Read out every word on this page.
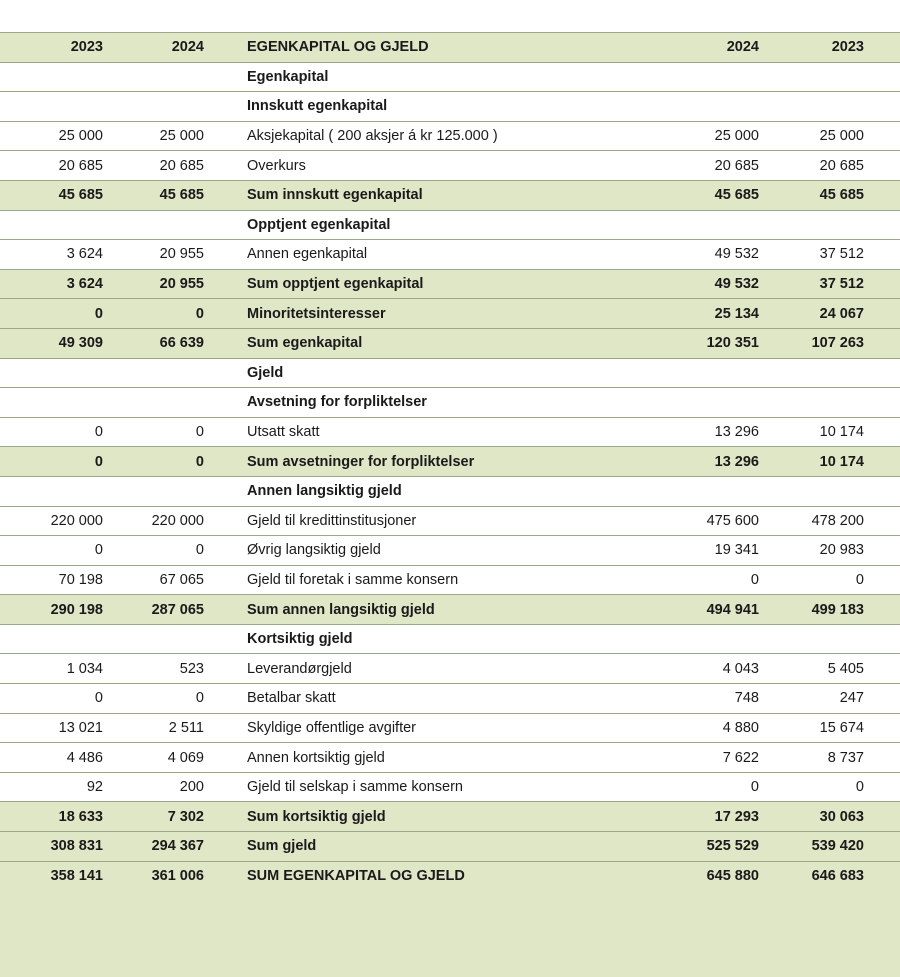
2023	2024		EGENKAPITAL OG GJELD	2024	2023	
			Egenkapital			
			Innskutt egenkapital			
25 000	25 000		Aksjekapital ( 200 aksjer á kr 125.000 )	25 000	25 000	
20 685	20 685		Overkurs	20 685	20 685	
45 685	45 685		Sum innskutt egenkapital	45 685	45 685	
			Opptjent egenkapital			
3 624	20 955		Annen egenkapital	49 532	37 512	
3 624	20 955		Sum opptjent egenkapital	49 532	37 512	
0	0		Minoritetsinteresser	25 134	24 067	
49 309	66 639		Sum egenkapital	120 351	107 263	
			Gjeld			
			Avsetning for forpliktelser			
0	0		Utsatt skatt	13 296	10 174	
0	0		Sum avsetninger for forpliktelser	13 296	10 174	
			Annen langsiktig gjeld			
220 000	220 000		Gjeld til kredittinstitusjoner	475 600	478 200	
0	0		Øvrig langsiktig gjeld	19 341	20 983	
70 198	67 065		Gjeld til foretak i samme konsern	0	0	
290 198	287 065		Sum annen langsiktig gjeld	494 941	499 183	
			Kortsiktig gjeld			
1 034	523		Leverandørgjeld	4 043	5 405	
0	0		Betalbar skatt	748	247	
13 021	2 511		Skyldige offentlige avgifter	4 880	15 674	
4 486	4 069		Annen kortsiktig gjeld	7 622	8 737	
92	200		Gjeld til selskap i samme konsern	0	0	
18 633	7 302		Sum kortsiktig gjeld	17 293	30 063	
308 831	294 367		Sum gjeld	525 529	539 420	
358 141	361 006		SUM EGENKAPITAL OG GJELD	645 880	646 683	
